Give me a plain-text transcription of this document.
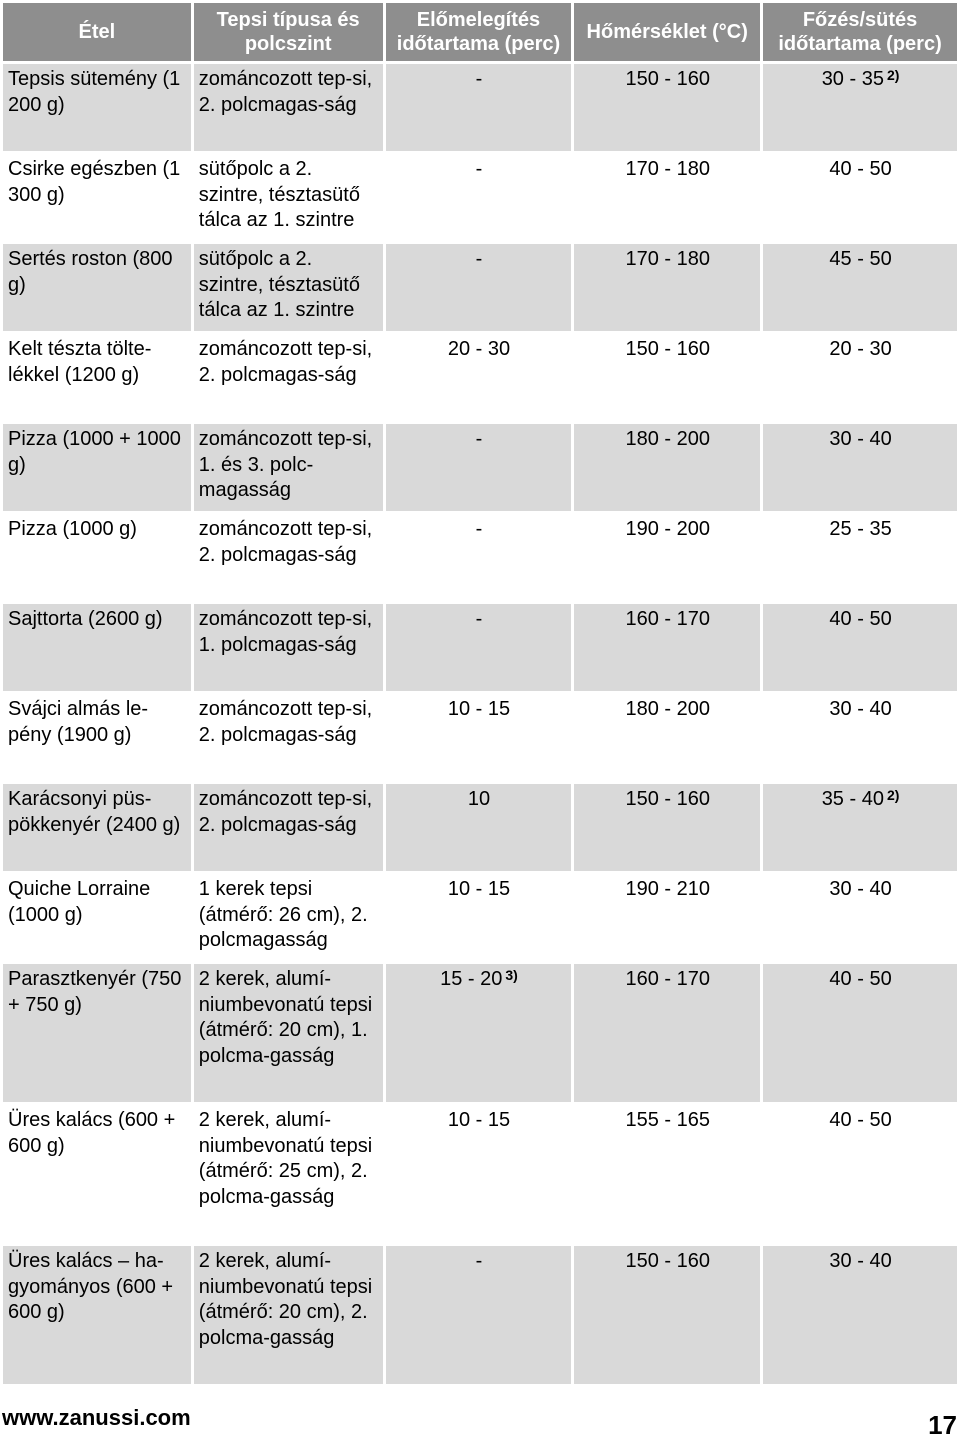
Étel	Tepsi típusa és polcszint	Előmelegítés időtartama (perc)	Hőmérséklet (°C)	Főzés/sütés időtartama (perc)
Tepsis sütemény (1 200 g)	zománcozott tep-si, 2. polcmagas-ság	-	150 - 160	30 - 35 $^{2)}$
Csirke egészben (1 300 g)	sütőpolc a 2. szintre, tésztasütő tálca az 1. szintre	-	170 - 180	40 - 50
Sertés roston (800 g)	sütőpolc a 2. szintre, tésztasütő tálca az 1. szintre	-	170 - 180	45 - 50
Kelt tészta tölte-lékkel (1200 g)	zománcozott tep-si, 2. polcmagas-ság	20 - 30	150 - 160	20 - 30
Pizza (1000 + 1000 g)	zománcozott tep-si, 1. és 3. polc-magasság	-	180 - 200	30 - 40
Pizza (1000 g)	zománcozott tep-si, 2. polcmagas-ság	-	190 - 200	25 - 35
Sajttorta (2600 g)	zománcozott tep-si, 1. polcmagas-ság	-	160 - 170	40 - 50
Svájci almás le-pény (1900 g)	zománcozott tep-si, 2. polcmagas-ság	10 - 15	180 - 200	30 - 40
Karácsonyi püs-pökkenyér (2400 g)	zománcozott tep-si, 2. polcmagas-ság	10	150 - 160	35 - 40 $^{2)}$
Quiche Lorraine (1000 g)	1 kerek tepsi (átmérő: 26 cm), 2. polcmagasság	10 - 15	190 - 210	30 - 40
Parasztkenyér (750 + 750 g)	2 kerek, alumí-niumbevonatú tepsi (átmérő: 20 cm), 1. polcma-gasság	15 - 20 $^{3)}$	160 - 170	40 - 50
Üres kalács (600 + 600 g)	2 kerek, alumí-niumbevonatú tepsi (átmérő: 25 cm), 2. polcma-gasság	10 - 15	155 - 165	40 - 50
Üres kalács – ha-gyományos (600 + 600 g)	2 kerek, alumí-niumbevonatú tepsi (átmérő: 20 cm), 2. polcma-gasság	-	150 - 160	30 - 40
www.zanussi.com	17
